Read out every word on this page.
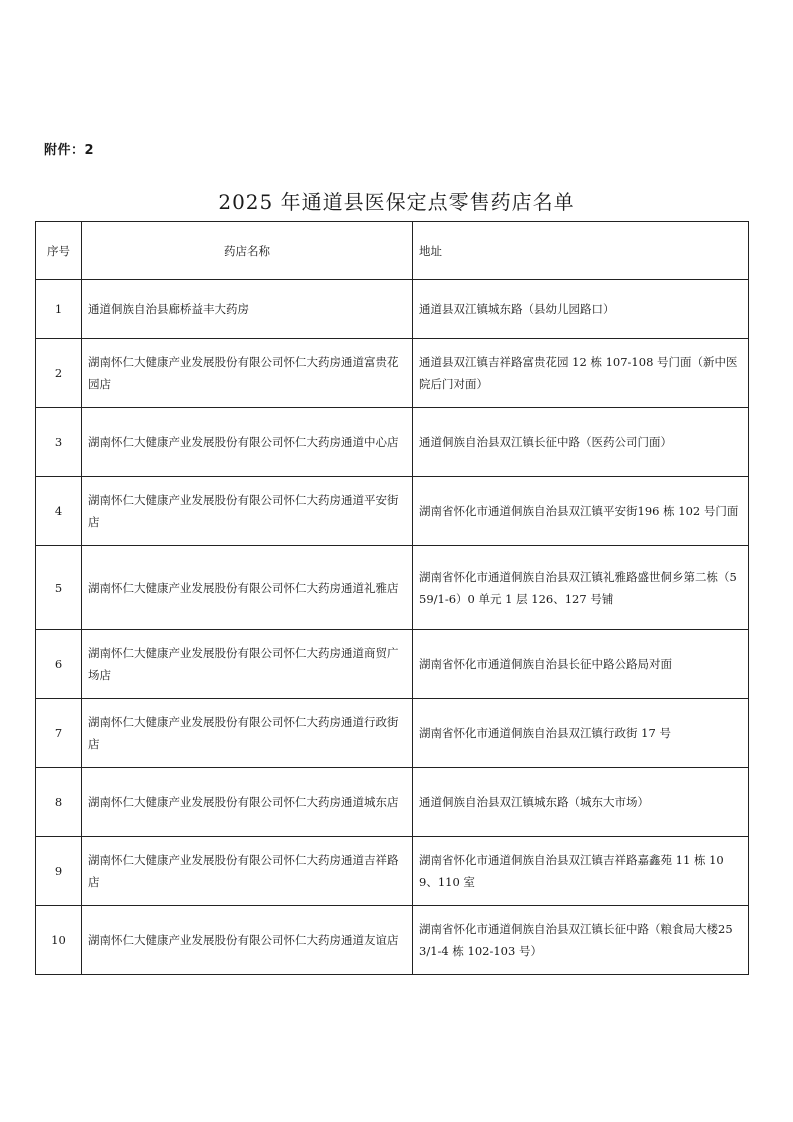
附件：2
2025 年通道县医保定点零售药店名单
序号	药店名称	地址
1	通道侗族自治县廊桥益丰大药房	通道县双江镇城东路（县幼儿园路口）
2	湖南怀仁大健康产业发展股份有限公司怀仁大药房通道富贵花园店	通道县双江镇吉祥路富贵花园 12 栋 107-108 号门面（新中医院后门对面）
3	湖南怀仁大健康产业发展股份有限公司怀仁大药房通道中心店	通道侗族自治县双江镇长征中路（医药公司门面）
4	湖南怀仁大健康产业发展股份有限公司怀仁大药房通道平安街店	湖南省怀化市通道侗族自治县双江镇平安街196 栋 102 号门面
5	湖南怀仁大健康产业发展股份有限公司怀仁大药房通道礼雅店	湖南省怀化市通道侗族自治县双江镇礼雅路盛世侗乡第二栋（559/1-6）0 单元 1 层 126、127 号铺
6	湖南怀仁大健康产业发展股份有限公司怀仁大药房通道商贸广场店	湖南省怀化市通道侗族自治县长征中路公路局对面
7	湖南怀仁大健康产业发展股份有限公司怀仁大药房通道行政街店	湖南省怀化市通道侗族自治县双江镇行政街 17 号
8	湖南怀仁大健康产业发展股份有限公司怀仁大药房通道城东店	通道侗族自治县双江镇城东路（城东大市场）
9	湖南怀仁大健康产业发展股份有限公司怀仁大药房通道吉祥路店	湖南省怀化市通道侗族自治县双江镇吉祥路嘉鑫苑 11 栋 109、110 室
10	湖南怀仁大健康产业发展股份有限公司怀仁大药房通道友谊店	湖南省怀化市通道侗族自治县双江镇长征中路（粮食局大楼253/1-4 栋 102-103 号）
